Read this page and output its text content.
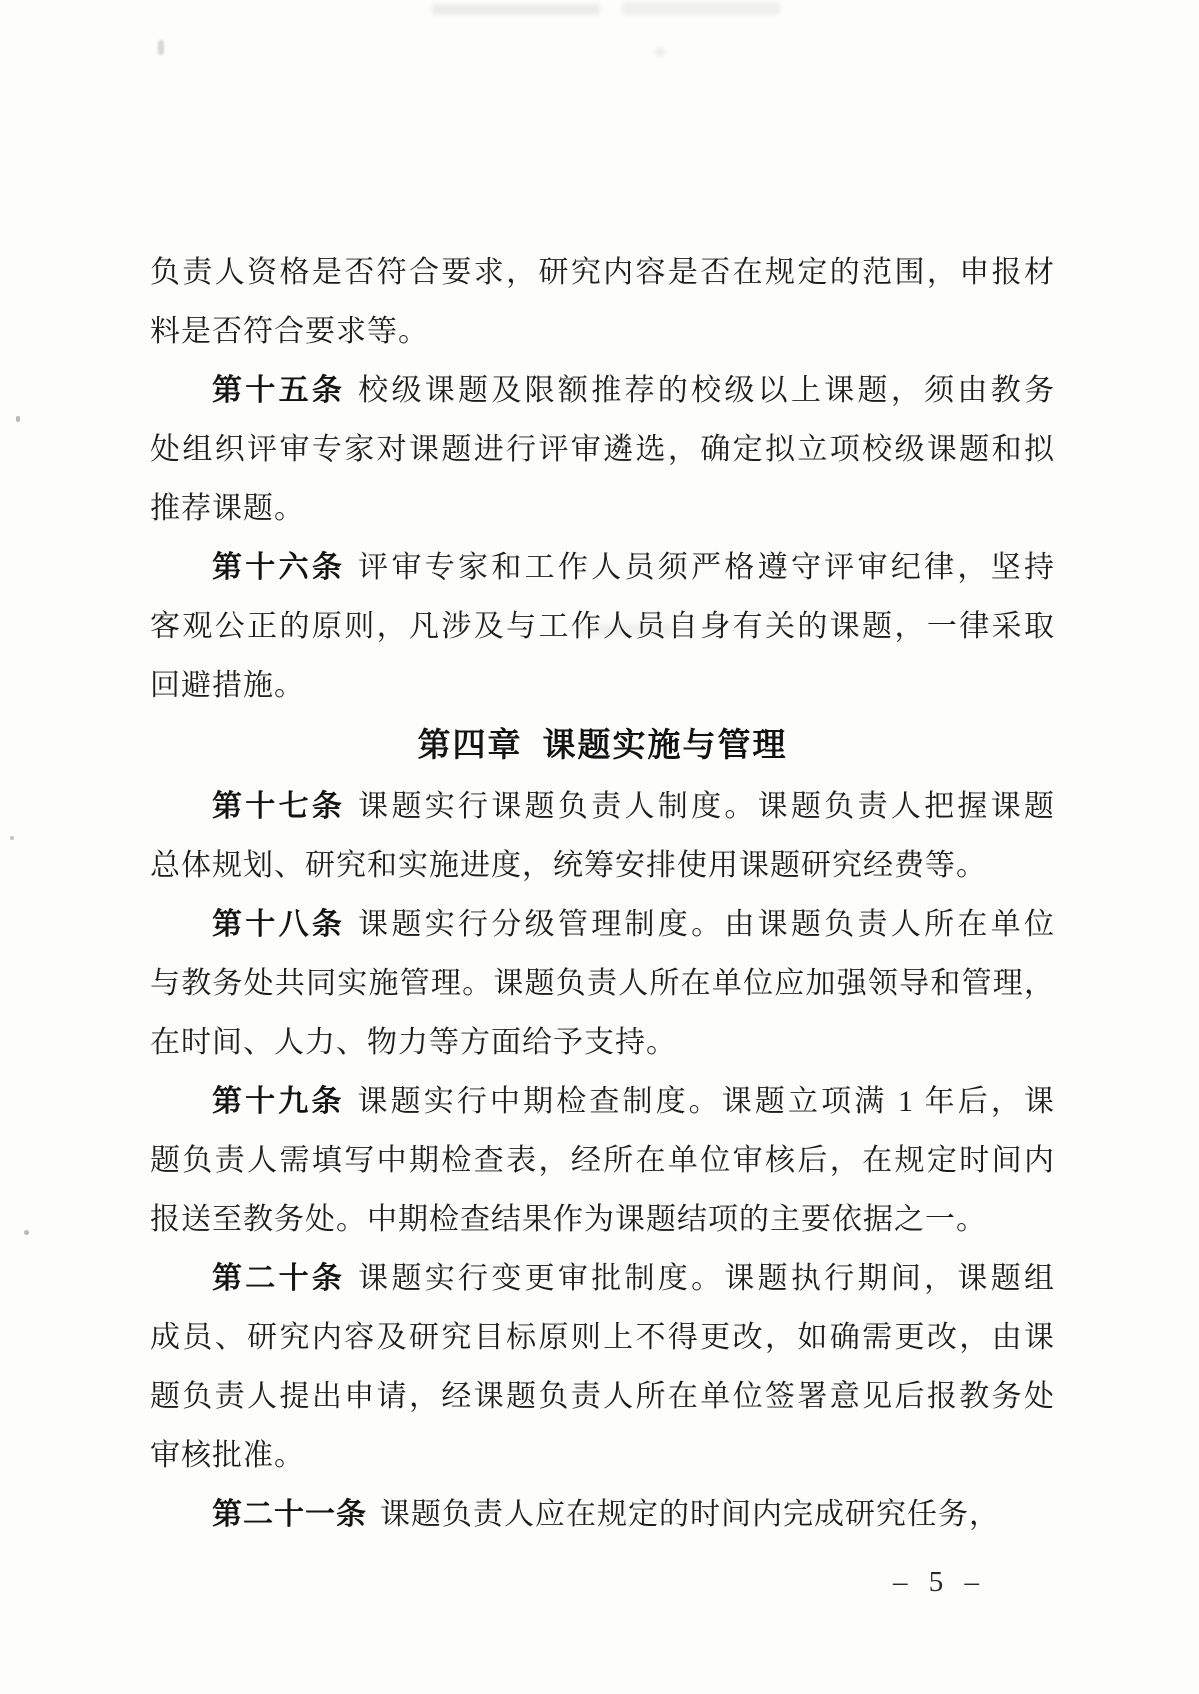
负责人资格是否符合要求，研究内容是否在规定的范围，申报材

料是否符合要求等。

第十五条 校级课题及限额推荐的校级以上课题，须由教务

处组织评审专家对课题进行评审遴选，确定拟立项校级课题和拟

推荐课题。

第十六条 评审专家和工作人员须严格遵守评审纪律，坚持

客观公正的原则，凡涉及与工作人员自身有关的课题，一律采取

回避措施。

第四章 课题实施与管理

第十七条 课题实行课题负责人制度。课题负责人把握课题

总体规划、研究和实施进度，统筹安排使用课题研究经费等。

第十八条 课题实行分级管理制度。由课题负责人所在单位

与教务处共同实施管理。课题负责人所在单位应加强领导和管理，

在时间、人力、物力等方面给予支持。

第十九条 课题实行中期检查制度。课题立项满 1 年后，课

题负责人需填写中期检查表，经所在单位审核后，在规定时间内

报送至教务处。中期检查结果作为课题结项的主要依据之一。

第二十条 课题实行变更审批制度。课题执行期间，课题组

成员、研究内容及研究目标原则上不得更改，如确需更改，由课

题负责人提出申请，经课题负责人所在单位签署意见后报教务处

审核批准。

第二十一条 课题负责人应在规定的时间内完成研究任务，

– 5 –
